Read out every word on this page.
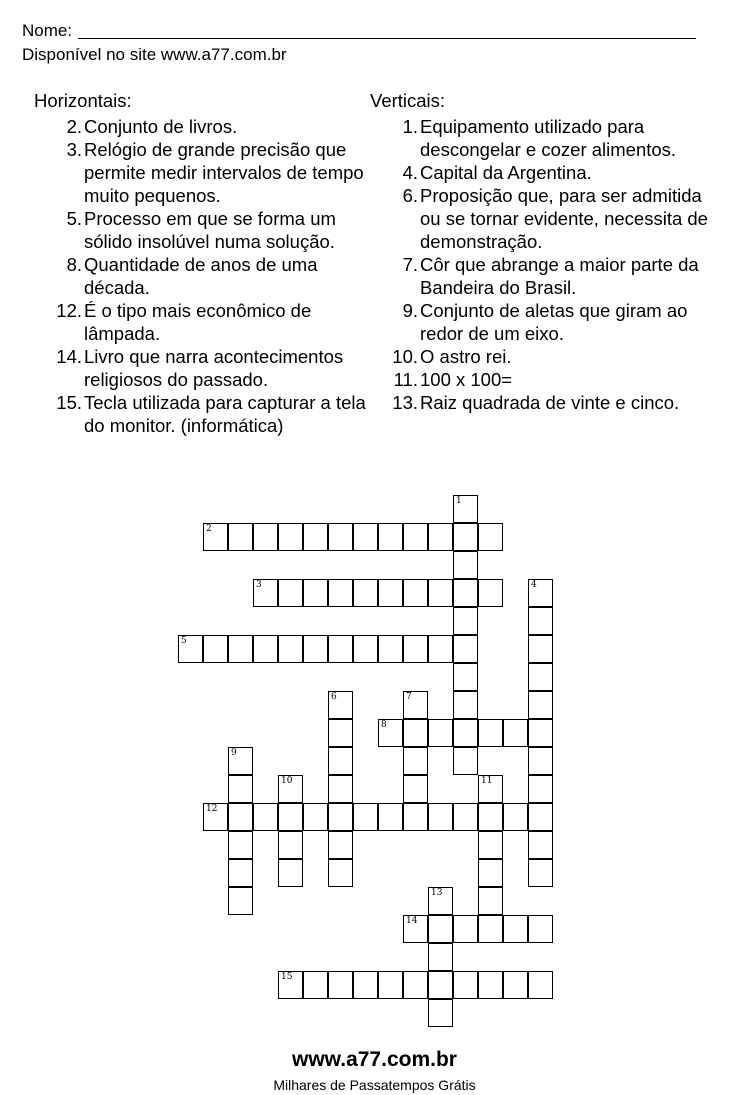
Nome:
Disponível no site www.a77.com.br
Horizontais:
2. Conjunto de livros.
3. Relógio de grande precisão que permite medir intervalos de tempo muito pequenos.
5. Processo em que se forma um sólido insolúvel numa solução.
8. Quantidade de anos de uma década.
12. É o tipo mais econômico de lâmpada.
14. Livro que narra acontecimentos religiosos do passado.
15. Tecla utilizada para capturar a tela do monitor. (informática)
Verticais:
1. Equipamento utilizado para descongelar e cozer alimentos.
4. Capital da Argentina.
6. Proposição que, para ser admitida ou se tornar evidente, necessita de demonstração.
7. Côr que abrange a maior parte da Bandeira do Brasil.
9. Conjunto de aletas que giram ao redor de um eixo.
10. O astro rei.
11. 100 x 100=
13. Raiz quadrada de vinte e cinco.
1
2
3	4
5
6	7
8
9
10	11
12
13
14
15
www.a77.com.br
Milhares de Passatempos Grátis
